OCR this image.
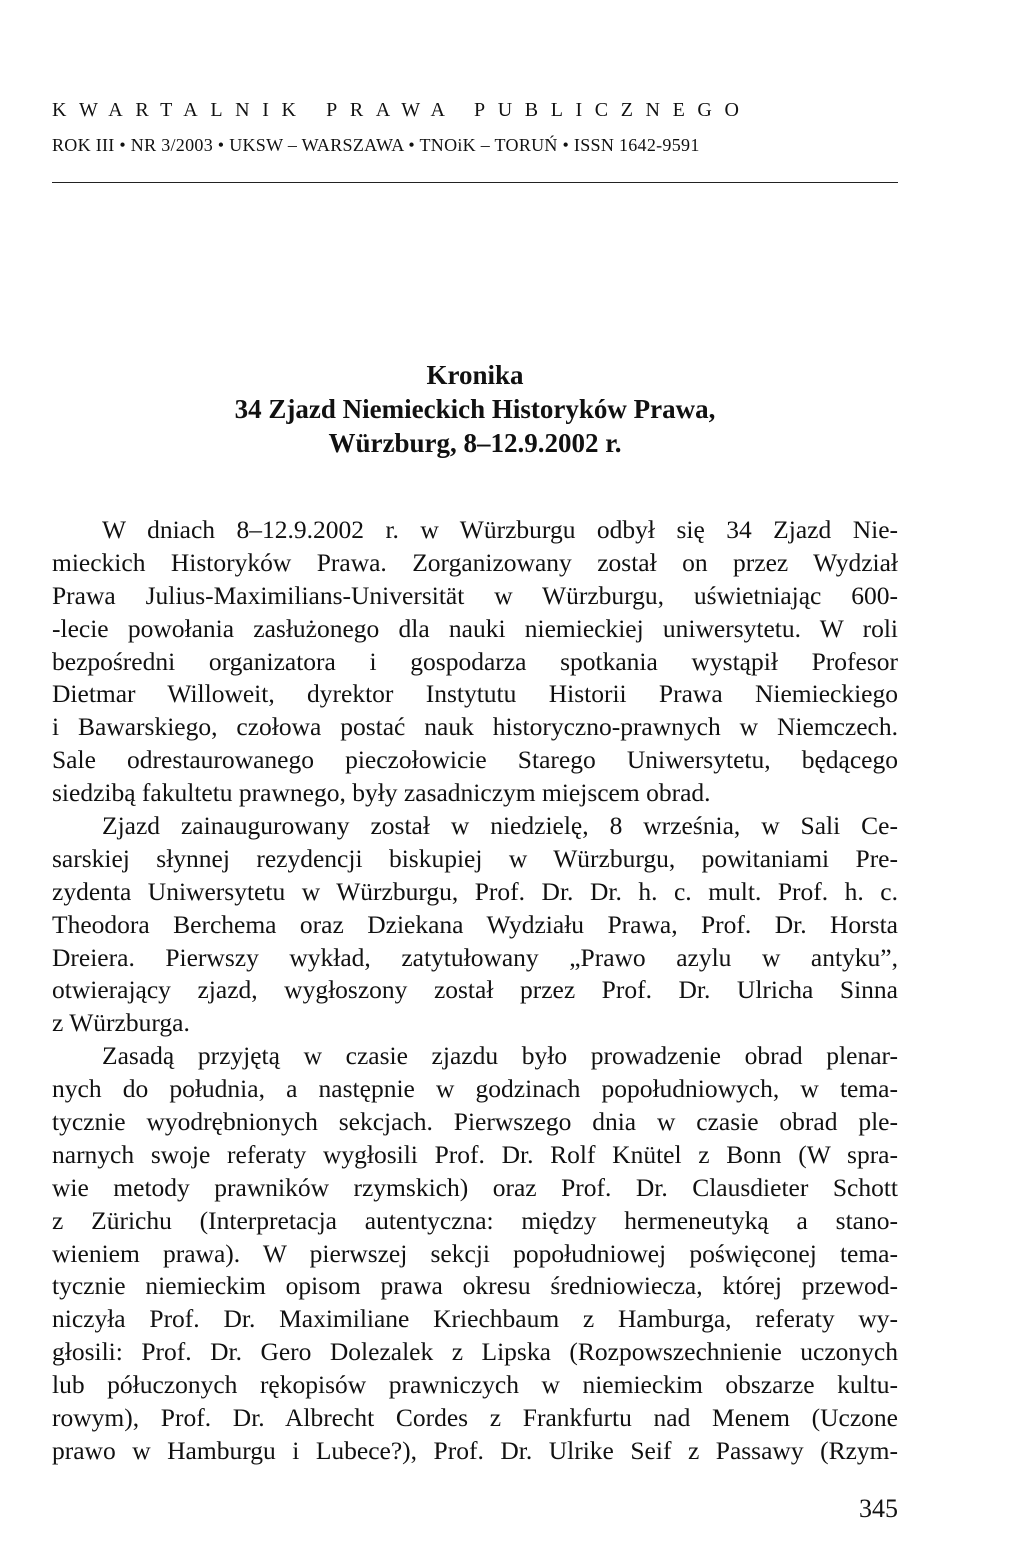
KWARTALNIK PRAWA PUBLICZNEGO
ROK III • NR 3/2003 • UKSW – WARSZAWA • TNOiK – TORUŃ • ISSN 1642-9591
Kronika
34 Zjazd Niemieckich Historyków Prawa,
Würzburg, 8–12.9.2002 r.
W dniach 8–12.9.2002 r. w Würzburgu odbył się 34 Zjazd Nie-
mieckich Historyków Prawa. Zorganizowany został on przez Wydział
Prawa Julius-Maximilians-Universität w Würzburgu, uświetniając 600-
-lecie powołania zasłużonego dla nauki niemieckiej uniwersytetu. W roli
bezpośredni organizatora i gospodarza spotkania wystąpił Profesor
Dietmar Willoweit, dyrektor Instytutu Historii Prawa Niemieckiego
i Bawarskiego, czołowa postać nauk historyczno-prawnych w Niemczech.
Sale odrestaurowanego pieczołowicie Starego Uniwersytetu, będącego
siedzibą fakultetu prawnego, były zasadniczym miejscem obrad.
Zjazd zainaugurowany został w niedzielę, 8 września, w Sali Ce-
sarskiej słynnej rezydencji biskupiej w Würzburgu, powitaniami Pre-
zydenta Uniwersytetu w Würzburgu, Prof. Dr. Dr. h. c. mult. Prof. h. c.
Theodora Berchema oraz Dziekana Wydziału Prawa, Prof. Dr. Horsta
Dreiera. Pierwszy wykład, zatytułowany „Prawo azylu w antyku”,
otwierający zjazd, wygłoszony został przez Prof. Dr. Ulricha Sinna
z Würzburga.
Zasadą przyjętą w czasie zjazdu było prowadzenie obrad plenar-
nych do południa, a następnie w godzinach popołudniowych, w tema-
tycznie wyodrębnionych sekcjach. Pierwszego dnia w czasie obrad ple-
narnych swoje referaty wygłosili Prof. Dr. Rolf Knütel z Bonn (W spra-
wie metody prawników rzymskich) oraz Prof. Dr. Clausdieter Schott
z Zürichu (Interpretacja autentyczna: między hermeneutyką a stano-
wieniem prawa). W pierwszej sekcji popołudniowej poświęconej tema-
tycznie niemieckim opisom prawa okresu średniowiecza, której przewod-
niczyła Prof. Dr. Maximiliane Kriechbaum z Hamburga, referaty wy-
głosili: Prof. Dr. Gero Dolezalek z Lipska (Rozpowszechnienie uczonych
lub półuczonych rękopisów prawniczych w niemieckim obszarze kultu-
rowym), Prof. Dr. Albrecht Cordes z Frankfurtu nad Menem (Uczone
prawo w Hamburgu i Lubece?), Prof. Dr. Ulrike Seif z Passawy (Rzym-
345
